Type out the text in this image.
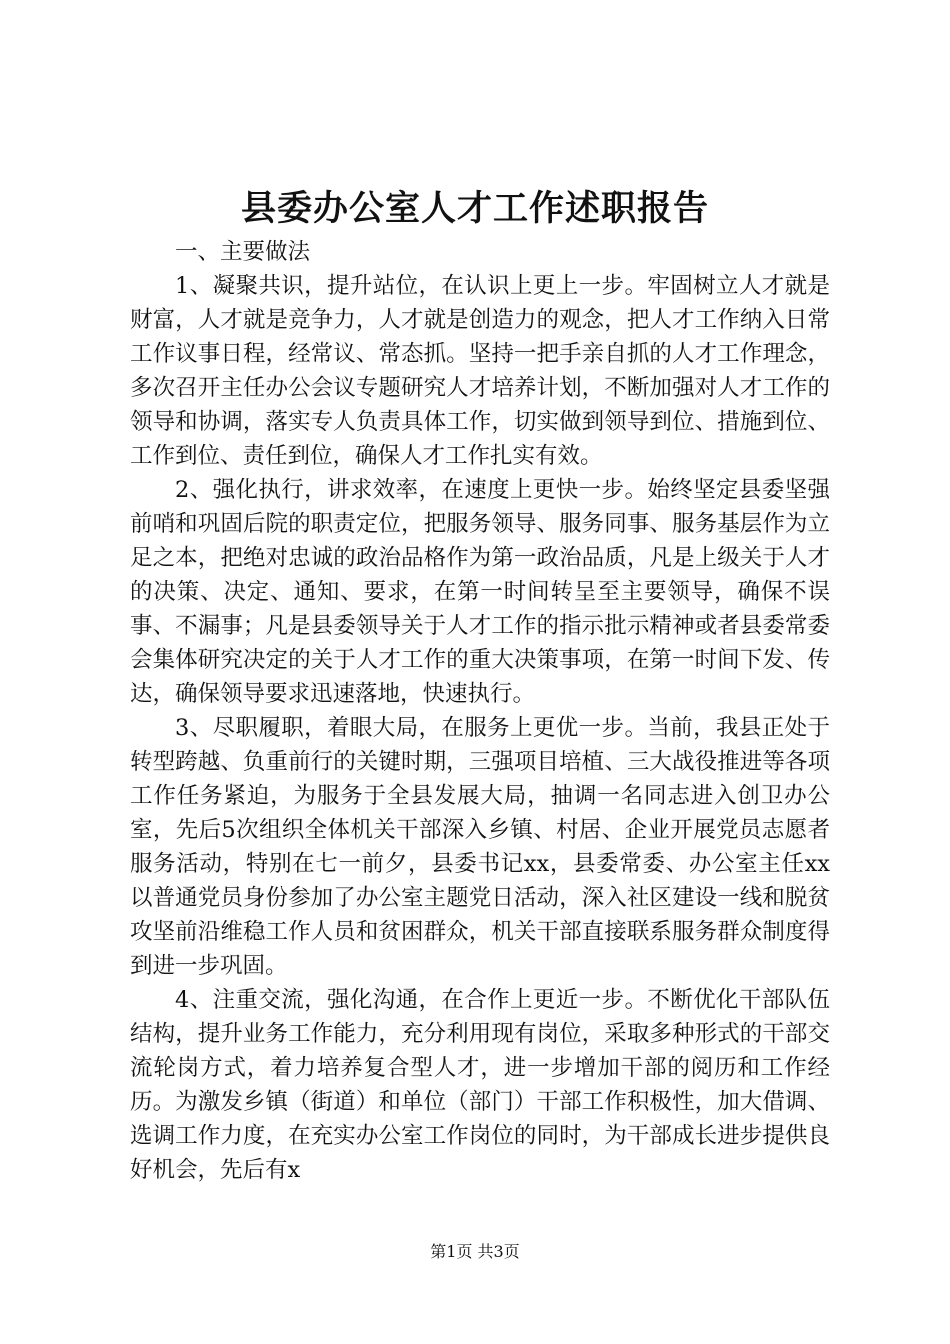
县委办公室人才工作述职报告
一、主要做法

1、凝聚共识，提升站位，在认识上更上一步。牢固树立人才就是财富，人才就是竞争力，人才就是创造力的观念，把人才工作纳入日常工作议事日程，经常议、常态抓。坚持一把手亲自抓的人才工作理念，多次召开主任办公会议专题研究人才培养计划，不断加强对人才工作的领导和协调，落实专人负责具体工作，切实做到领导到位、措施到位、工作到位、责任到位，确保人才工作扎实有效。

2、强化执行，讲求效率，在速度上更快一步。始终坚定县委坚强前哨和巩固后院的职责定位，把服务领导、服务同事、服务基层作为立足之本，把绝对忠诚的政治品格作为第一政治品质，凡是上级关于人才的决策、决定、通知、要求，在第一时间转呈至主要领导，确保不误事、不漏事；凡是县委领导关于人才工作的指示批示精神或者县委常委会集体研究决定的关于人才工作的重大决策事项，在第一时间下发、传达，确保领导要求迅速落地，快速执行。

3、尽职履职，着眼大局，在服务上更优一步。当前，我县正处于转型跨越、负重前行的关键时期，三强项目培植、三大战役推进等各项工作任务紧迫，为服务于全县发展大局，抽调一名同志进入创卫办公室，先后5次组织全体机关干部深入乡镇、村居、企业开展党员志愿者服务活动，特别在七一前夕，县委书记xx，县委常委、办公室主任xx以普通党员身份参加了办公室主题党日活动，深入社区建设一线和脱贫攻坚前沿维稳工作人员和贫困群众，机关干部直接联系服务群众制度得到进一步巩固。

4、注重交流，强化沟通，在合作上更近一步。不断优化干部队伍结构，提升业务工作能力，充分利用现有岗位，采取多种形式的干部交流轮岗方式，着力培养复合型人才，进一步增加干部的阅历和工作经历。为激发乡镇（街道）和单位（部门）干部工作积极性，加大借调、选调工作力度，在充实办公室工作岗位的同时，为干部成长进步提供良好机会，先后有x

第1页 共3页
